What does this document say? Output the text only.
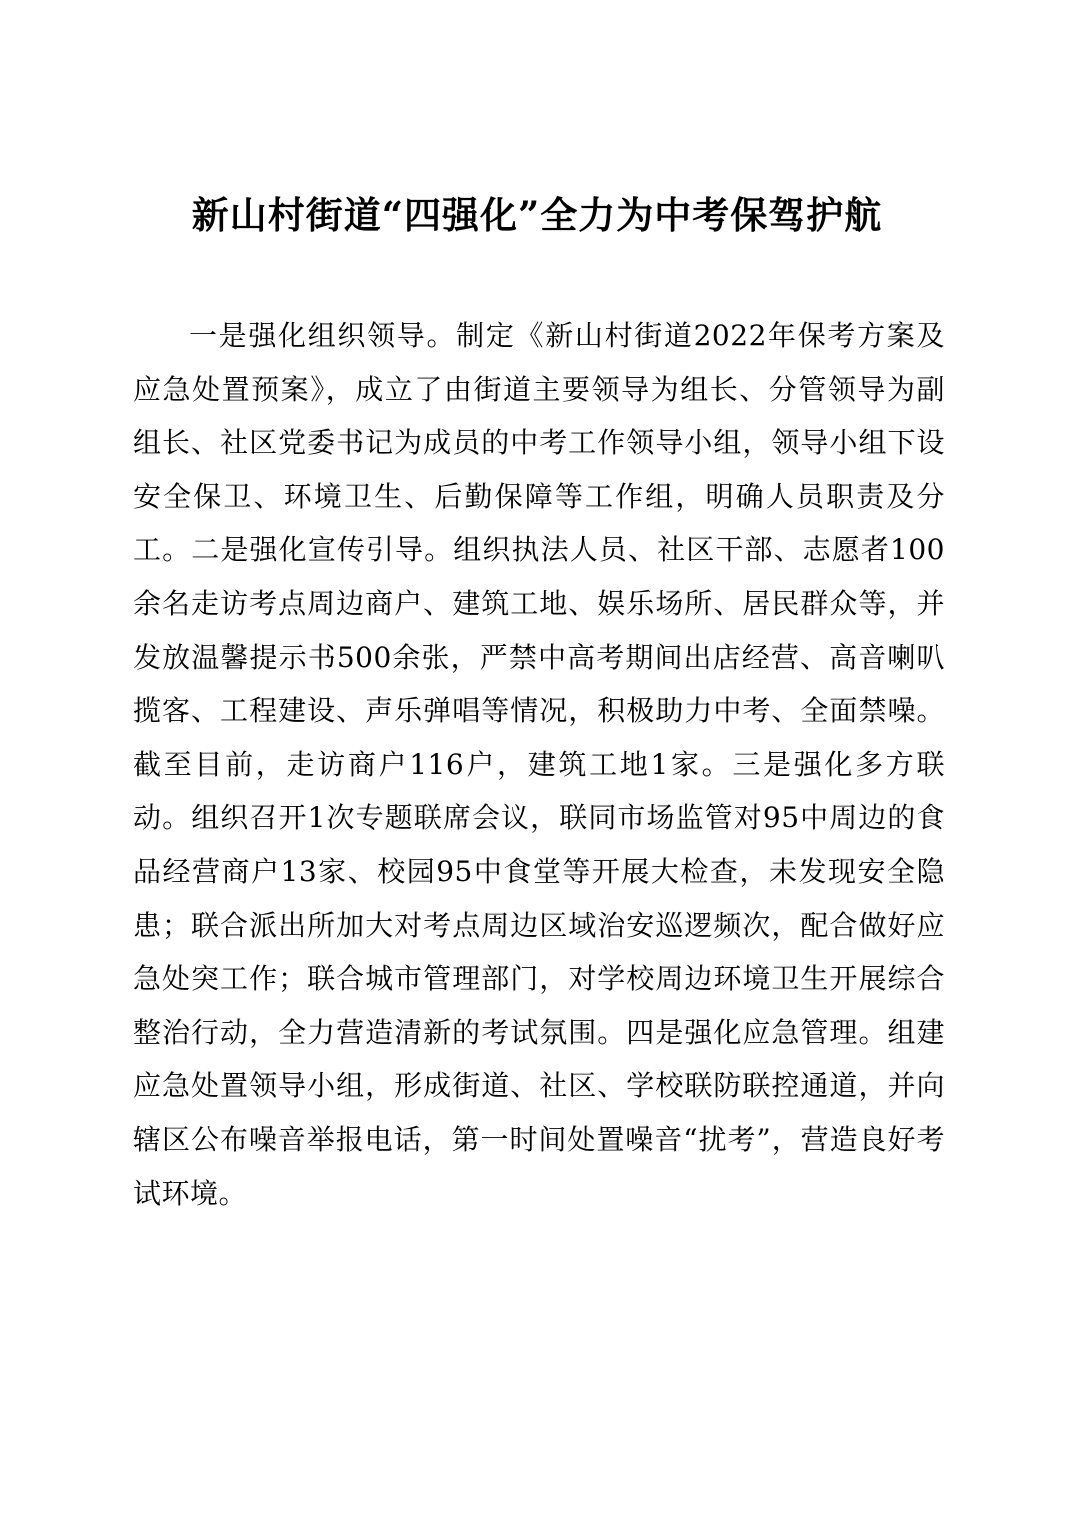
新山村街道“四强化”全力为中考保驾护航

一是强化组织领导。制定《新山村街道2022年保考方案及应急处置预案》，成立了由街道主要领导为组长、分管领导为副组长、社区党委书记为成员的中考工作领导小组，领导小组下设安全保卫、环境卫生、后勤保障等工作组，明确人员职责及分工。二是强化宣传引导。组织执法人员、社区干部、志愿者100余名走访考点周边商户、建筑工地、娱乐场所、居民群众等，并发放温馨提示书500余张，严禁中高考期间出店经营、高音喇叭揽客、工程建设、声乐弹唱等情况，积极助力中考、全面禁噪。截至目前，走访商户116户，建筑工地1家。三是强化多方联动。组织召开1次专题联席会议，联同市场监管对95中周边的食品经营商户13家、校园95中食堂等开展大检查，未发现安全隐患；联合派出所加大对考点周边区域治安巡逻频次，配合做好应急处突工作；联合城市管理部门，对学校周边环境卫生开展综合整治行动，全力营造清新的考试氛围。四是强化应急管理。组建应急处置领导小组，形成街道、社区、学校联防联控通道，并向辖区公布噪音举报电话，第一时间处置噪音“扰考”，营造良好考试环境。
